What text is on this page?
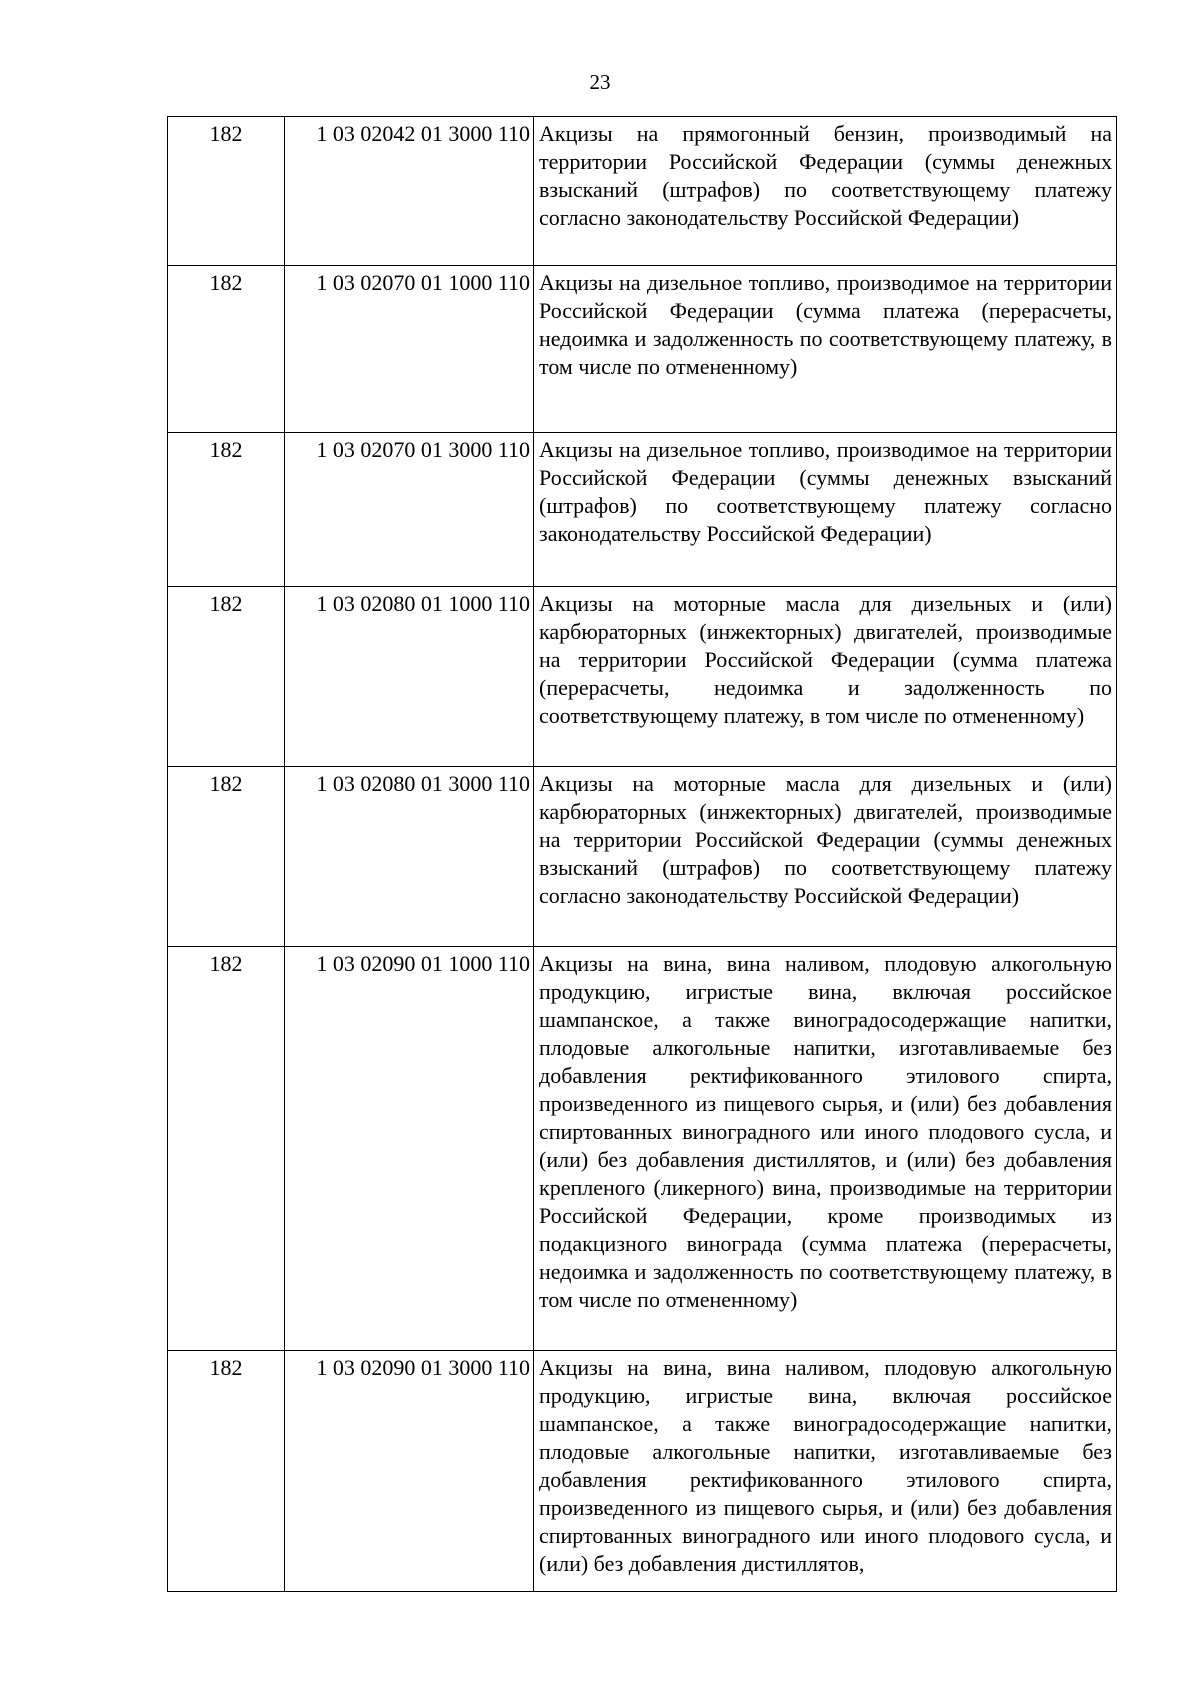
23
182	1 03 02042 01 3000 110	Акцизы на прямогонный бензин, производимый на территории Российской Федерации (суммы денежных взысканий (штрафов) по соответствующему платежу согласно законодательству Российской Федерации)
182	1 03 02070 01 1000 110	Акцизы на дизельное топливо, производимое на территории Российской Федерации (сумма платежа (перерасчеты, недоимка и задолженность по соответствующему платежу, в том числе по отмененному)
182	1 03 02070 01 3000 110	Акцизы на дизельное топливо, производимое на территории Российской Федерации (суммы денежных взысканий (штрафов) по соответствующему платежу согласно законодательству Российской Федерации)
182	1 03 02080 01 1000 110	Акцизы на моторные масла для дизельных и (или) карбюраторных (инжекторных) двигателей, производимые на территории Российской Федерации (сумма платежа (перерасчеты, недоимка и задолженность по соответствующему платежу, в том числе по отмененному)
182	1 03 02080 01 3000 110	Акцизы на моторные масла для дизельных и (или) карбюраторных (инжекторных) двигателей, производимые на территории Российской Федерации (суммы денежных взысканий (штрафов) по соответствующему платежу согласно законодательству Российской Федерации)
182	1 03 02090 01 1000 110	Акцизы на вина, вина наливом, плодовую алкогольную продукцию, игристые вина, включая российское шампанское, а также виноградосодержащие напитки, плодовые алкогольные напитки, изготавливаемые без добавления ректификованного этилового спирта, произведенного из пищевого сырья, и (или) без добавления спиртованных виноградного или иного плодового сусла, и (или) без добавления дистиллятов, и (или) без добавления крепленого (ликерного) вина, производимые на территории Российской Федерации, кроме производимых из подакцизного винограда (сумма платежа (перерасчеты, недоимка и задолженность по соответствующему платежу, в том числе по отмененному)
182	1 03 02090 01 3000 110	Акцизы на вина, вина наливом, плодовую алкогольную продукцию, игристые вина, включая российское шампанское, а также виноградосодержащие напитки, плодовые алкогольные напитки, изготавливаемые без добавления ректификованного этилового спирта, произведенного из пищевого сырья, и (или) без добавления спиртованных виноградного или иного плодового сусла, и (или) без добавления дистиллятов,
